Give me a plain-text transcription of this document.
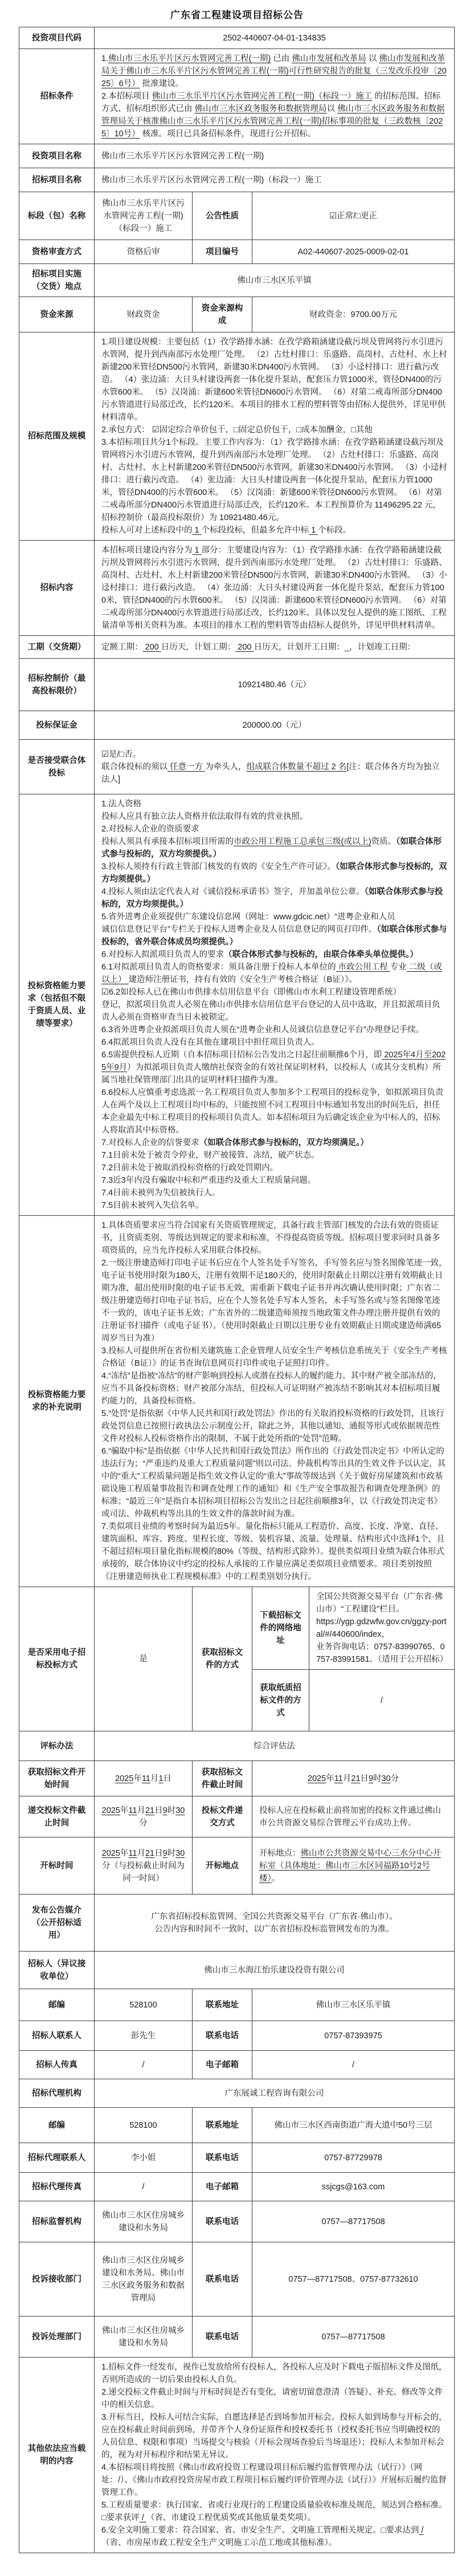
广东省工程建设项目招标公告
投资项目代码	2502-440607-04-01-134835			
招标条件	1.佛山市三水乐平片区污水管网完善工程(一期) 已由 佛山市发展和改革局 以 佛山市发展和改革局关于佛山市三水乐平片区污水管网完善工程(一期)可行性研究报告的批复（三发改乐投审〔2025〕6号） 批准建设。
2.本招标项目 佛山市三水乐平片区污水管网完善工程(一期)（标段一）施工 的招标范围、招标方式、招标组织形式已由 佛山市三水区政务服务和数据管理局以 佛山市三水区政务服务和数据管理局关于核准佛山市三水乐平片区污水管网完善工程(一期)招标事项的批复（三政数核〔2025〕10号） 核准。项目已具备招标条件，现进行公开招标。			

投资项目名称	佛山市三水乐平片区污水管网完善工程(一期)			
招标项目名称	佛山市三水乐平片区污水管网完善工程(一期)（标段一）施工			
标段（包）名称	佛山市三水乐平片区污水管网完善工程(一期)（标段一）施工	公告性质	☑正常/□更正	
资格审查方式	资格后审	项目编号	A02-440607-2025-0009-02-01	
招标项目实施（交货）地点	佛山市三水区乐平镇			
资金来源	财政资金	资金来源构成	财政资金：9700.00万元	
招标范围及规模	1.项目建设规模：主要包括（1）孜学路排水涵：在孜学路箱涵建设截污坝及管网将污水引进污水管网，提升到西南部污水处理厂处理。 （2）古灶村排口：乐盛路、高岗村、古灶村、水上村新建200米管径DN500污水管网，新建30米DN400污水管网。 （3）小迳村排口：进行截污改造。 （4）张边涌：大日头村建设两套一体化提升泵站，配套压力管1000米，管径DN400的污水管600米。 （5）汉岗涌：新建600米管径DN600污水管网。 （6）对第二戒毒所部分DN400污水管道进行局部迁改，长约120米。本项目的排水工程的塑料管等由招标人提供外，详见甲供材料清单。
2.承包方式： ☑固定综合单价包干，□固定总价包干，□成本加酬金，□其他
3.本招标项目共分1个标段。主要工作内容为：（1）孜学路排水涵：在孜学路箱涵建设截污坝及管网将污水引进污水管网，提升到西南部污水处理厂处理。 （2）古灶村排口：乐盛路、高岗村、古灶村、水上村新建200米管径DN500污水管网，新建30米DN400污水管网。 （3）小迳村排口：进行截污改造。 （4）张边涌：大日头村建设两套一体化提升泵站，配套压力管1000米，管径DN400的污水管600米。 （5）汉岗涌：新建600米管径DN600污水管网。 （6）对第二戒毒所部分DN400污水管道进行局部迁改，长约120米。本工程预算价为 11496295.22 元，招标控制价（最高投标限价）为 10921480.46元。
投标人可对上述标段中的 1 个标段投标，但最多允许中标 1 个标段。			

招标内容	本招标项目建设内容分为 1 部分：主要建设内容为：（1）孜学路排水涵：在孜学路箱涵建设截污坝及管网将污水引进污水管网，提升到西南部污水处理厂处理。 （2）古灶村排口：乐盛路、高岗村、古灶村、水上村新建200米管径DN500污水管网，新建30米DN400污水管网。 （3）小迳村排口：进行截污改造。 （4）张边涌：大日头村建设两套一体化提升泵站，配套压力管1000米，管径DN400的污水管600米。 （5）汉岗涌：新建600米管径DN600污水管网。 （6）对第二戒毒所部分DN400污水管道进行局部迁改，长约120米。具体以发包人提供的施工图纸、工程量清单等相关资料为准。本项目的排水工程的塑料管等由招标人提供外，详见甲供材料清单。			

工期（交货期）	定额工期： 200 日历天，计划工期： 200 日历天，计划开工日期：_，计划竣工日期：			

招标控制价（最高投标限价）	10921480.46（元）			
投标保证金	200000.00（元）			
是否接受联合体投标	☑是/□否。
联合体投标的须以 任意一方 为牵头人，组成联合体数量不超过 2 名[注：联合体各方均为独立法人]			

投标资格能力要求（包括但不限于资质人员、业绩等要求）	
1.法人资格
投标人应具有独立法人资格并依法取得有效的营业执照。
2.对投标人企业的资质要求
投标人须具有承接本招标项目所需的市政公用工程施工总承包三级(或以上)资质。（如联合体形式参与投标的，双方均须提供。）
3.投标人须持有行政主管部门核发的有效的《安全生产许可证》。（如联合体形式参与投标的，双方均须提供。）
4.投标人须由法定代表人对《诚信投标承诺书》签字，并加盖单位公章。（如联合体形式参与投标的，双方均须提供。）
5.省外进粤企业须提供广东建设信息网（网址：www.gdcic.net）“进粤企业和人员
诚信信息登记平台”专栏关于投标人进粤企业及人员信息登记的网页打印件。（如联合体形式参与投标的，省外联合体成员均须提供。）
6.对投标人拟派项目负责人的要求（联合体形式参与投标的，由联合体牵头单位提供。）
6.1对拟派项目负责人的资格要求：须具备注册于投标人本单位的 市政公用工程 专业 二级（或以上） 建造师注册证书，持有有效的《安全生产考核合格证（B证）》。
☑6.2如投标人已在佛山市供排水信用信息平台（即佛山市水利工程建设管理系统）
登记，拟派项目负责人必须在佛山市供排水信用信息平台登记的人员中选取，并且拟派项目负责人必须在资格审查当日未被锁定。
6.3省外进粤企业拟派项目负责人须在“进粤企业和人员诚信信息登记平台”办理登记手续。
6.4拟派项目负责人没有在其他在建项目中担任项目负责人。
6.5需提供投标人近期（自本招标项目招标公告发出之日起往前顺推6个月，即 2025年4月至2025年9月）为拟派项目负责人缴纳社保资金的有效社保证明材料，以投标人（或其分支机构）所属当地社保管理部门出具的证明材料扫描件为准。
6.6投标人应慎重考虑选派一名工程项目负责人参加多个工程项目的投标竞争，如拟派项目负责人在两个及以上工程项目均中标的，只能按照不同工程项目中标通知书发出的时间先后，担任本企业最先中标工程项目的投标项目负责人。如本招标项目为后确定该企业为中标人的，招标人将取消其中标资格。
7.对投标人企业的信誉要求（如联合体形式参与投标的，双方均须满足。）
7.1目前未处于被责令停业，财产被接管、冻结，破产状态。
7.2目前未处于被取消投标资格的行政处罚期内。
7.3近3年内没有骗取中标和严重违约及重大工程质量问题。
7.4目前未被列为失信被执行人。
7.5目前未被列入失信名单。

投标资格能力要求的补充说明	
1.具体资质要求应当符合国家有关资质管理规定，具备行政主管部门核发的合法有效的资质证书，且资质类别、等级达到规定的要求和标准，不得提高资质等级。招标项目要求同时具备多项资质的，应当允许投标人采用联合体投标。
2.一级注册建造师打印电子证书后应在个人签名处手写签名，手写签名应与签名图像笔迹一致，电子证书使用时限为180天，注册有效期不足180天的，使用时限截止日期以注册有效期截止日期为准，超出使用时限的电子证书无效，需重新下载电子证书并再次确认使用时限；广东省二级注册建造师打印电子证书后，应在个人签名处手写本人签名，未手写签名或与签名图像笔迹不一致的，该电子证书无效；广东省外的二级建造师须按当地政策文件办理注册并提供有效的注册证书扫描件（或电子证书）。（使用时限截止日期以注册专业有效期截止日期或建造师满65周岁当日为准）
3.投标人可提供所在省份相关建筑施工企业管理人员安全生产考核信息系统关于《安全生产考核合格证（B证）》的证书查询信息网页打印件或电子证照打印件。
4.“冻结”是指被“冻结”的财产影响到投标人或潜在投标人的履约能力。其中财产被全部冻结的，应当不具备投标资格；财产被部分冻结，但投标人可证明财产被冻结不影响其对本招标项目履约能力的，具备投标资格。
5.“处罚”是指依据《中华人民共和国行政处罚法》作出的有关取消投标资格的行政处罚，且该行政处罚信息已按照行政执法公示制度公开，除此之外，其他以通知、通报等形式或依据规范性文件对投标人投标资格作出的限制，不属于此处所指的“处罚”范畴。
6.“骗取中标”是指依据《中华人民共和国行政处罚法》所作出的《行政处罚决定书》中所认定的违法行为；“严重违约及重大工程质量问题”则以司法、仲裁机构等出具的生效文件予以认定，其中的“重大”工程质量问题是指生效文件认定的“重大”事故等级达到《关于做好房屋建筑和市政基础设施工程质量事故报告和调查处理工作的通知》和《生产安全事故报告和调查处理条例》的标准；“最近三年”是指自本招标项目招标公告发出之日起往前顺推3年，以《行政处罚决定书》或司法、仲裁机构等出具的生效文件的落款时间为准。
7.类似项目业绩的考察时间为最近5年。量化指标只能从工程造价、高度、长度、净宽、直径、建筑面积、库容、跨度、里程长度、等级、装机容量、流量、处理量、结构形式中选择1个，且不超过招标项目量化指标规模的80%（等级、结构形式除外）。提供类似项目业绩为联合体形式承接的，联合体协议中约定的投标人承接的工作量应满足类似项目业绩要求。项目类别按照《注册建造师执业工程规模标准》中的工程类别划分执行。

是否采用电子招标投标方式	是	获取招标文件的方式	下载招标文件的网络地址	全国公共资源交易平台（广东省·佛山市）“工程建设”栏目。
https://ygp.gdzwfw.gov.cn/ggzy-portal/#/440600/index，
业务咨询电话：0757-83990765、0757-83991581。（适用于公开招标）

			获取纸质招标文件的方式	/
评标办法	综合评估法			
获取招标文件开始时间	2025年11月1日	获取招标文件截止时间	2025年11月21日9时30分	

递交投标文件截止时间	2025年11月21日9时30分	投标文件递交方式	投标人应在投标截止前将加密的投标文件通过佛山市公共资源交易综合管理云平台成功上传。	
开标时间	2025年11月21日9时30分（与投标截止时间为同一时间）	开标地点	开标地点：佛山市公共资源交易中心三水分中心开标室（具体地址：佛山市三水区同福路10号2号楼）。	

发布公告媒介（公开招标适用）	广东省招标投标监管网、全国公共资源交易平台（广东省·佛山市）。
公告内容和时间不一致时，以广东省招标投标监管网发布的为准。			

招标人（异议接收单位）	佛山市三水海江怡乐建设投资有限公司			
邮编	528100	联系地址	佛山市三水区乐平镇	
招标人联系人	彭先生	联系电话	0757-87393975	
招标人传真	/	电子邮箱	/	
招标代理机构	广东展诚工程咨询有限公司			
邮编	528100	联系地址	佛山市三水区西南街道广海大道中50号三层	
招标代理联系人	李小姐	联系电话	0757-87729978	
招标代理传真	/	电子邮箱	ssjcgs@163.com	
招标监督机构	佛山市三水区住房城乡建设和水务局	联系电话	0757—87717508	
投诉接收部门	佛山市三水区住房城乡建设和水务局、佛山市三水区政务服务和数据管理局	联系电话	0757—87717508、0757-87732610	
投诉处理部门	佛山市三水区住房城乡建设和水务局	联系电话	0757—87717508	
其他依法应当载明的内容	
1.招标文件一经发布，视作已发放给所有投标人，各投标人应及时下载电子版招标文件及图纸，否则所造成的一切后果由投标人自负。
2.递交投标文件截止时间与开标时间是否有变化，请密切留意澄清（答疑）、补充、修改等文件中的相关信息。
3.开标当日，投标人可结合实际，自愿选择是否到场参加开标会。投标人如到场参与开标会的，应在投标截止时间前到场，并带齐个人身份证原件和授权委托书（授权委托书应当明确授权的人员信息、权限和事项）当场提交与核验（开标会现场查验后当场退还）；投标人未参加开标会的，视为对开标程序和结果无异议。
4.本招标项目将按照《佛山市政府投资工程建设项目标后履约监督管理办法（试行）》（网址：/）、《佛山市政府投资房屋市政工程项目标后履约评价管理办法（试行）》开展标后履约监督管理工作。
5.工程质量要求：执行国家、省或行业现行的工程建设质量验收标准及规范，须达到合格标准。□要求获评 / （省、市建设工程优质奖或其他质量类奖项）。
6.安全文明施工要求：符合国家、省、市安全生产、文明施工管理相关规定。□要求达到 /
（省、市房屋市政工程安全生产文明施工示范工地或其他标准）。
